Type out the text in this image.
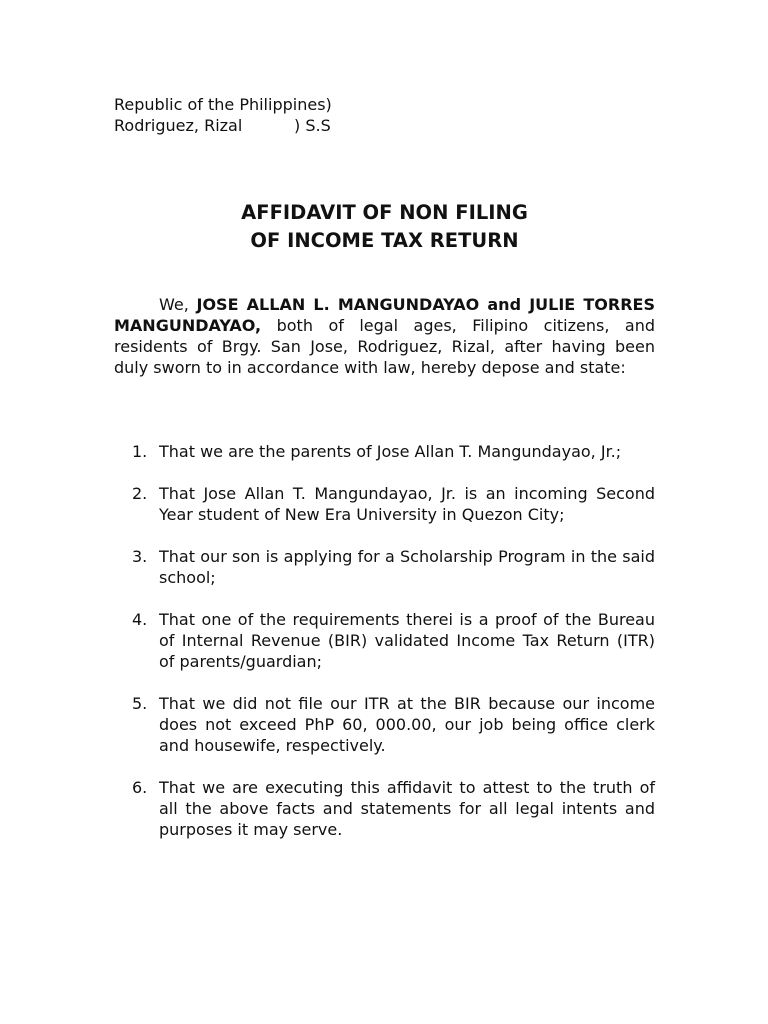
Republic of the Philippines)
Rodriguez, Rizal	) S.S
AFFIDAVIT OF NON FILING
OF INCOME TAX RETURN
We, JOSE ALLAN L. MANGUNDAYAO and JULIE TORRES MANGUNDAYAO, both of legal ages, Filipino citizens, and residents of Brgy. San Jose, Rodriguez, Rizal, after having been duly sworn to in accordance with law, hereby depose and state:
1. That we are the parents of Jose Allan T. Mangundayao, Jr.;
2. That Jose Allan T. Mangundayao, Jr. is an incoming Second Year student of New Era University in Quezon City;
3. That our son is applying for a Scholarship Program in the said school;
4. That one of the requirements therei is a proof of the Bureau of Internal Revenue (BIR) validated Income Tax Return (ITR) of parents/guardian;
5. That we did not file our ITR at the BIR because our income does not exceed PhP 60, 000.00, our job being office clerk and housewife, respectively.
6. That we are executing this affidavit to attest to the truth of all the above facts and statements for all legal intents and purposes it may serve.
